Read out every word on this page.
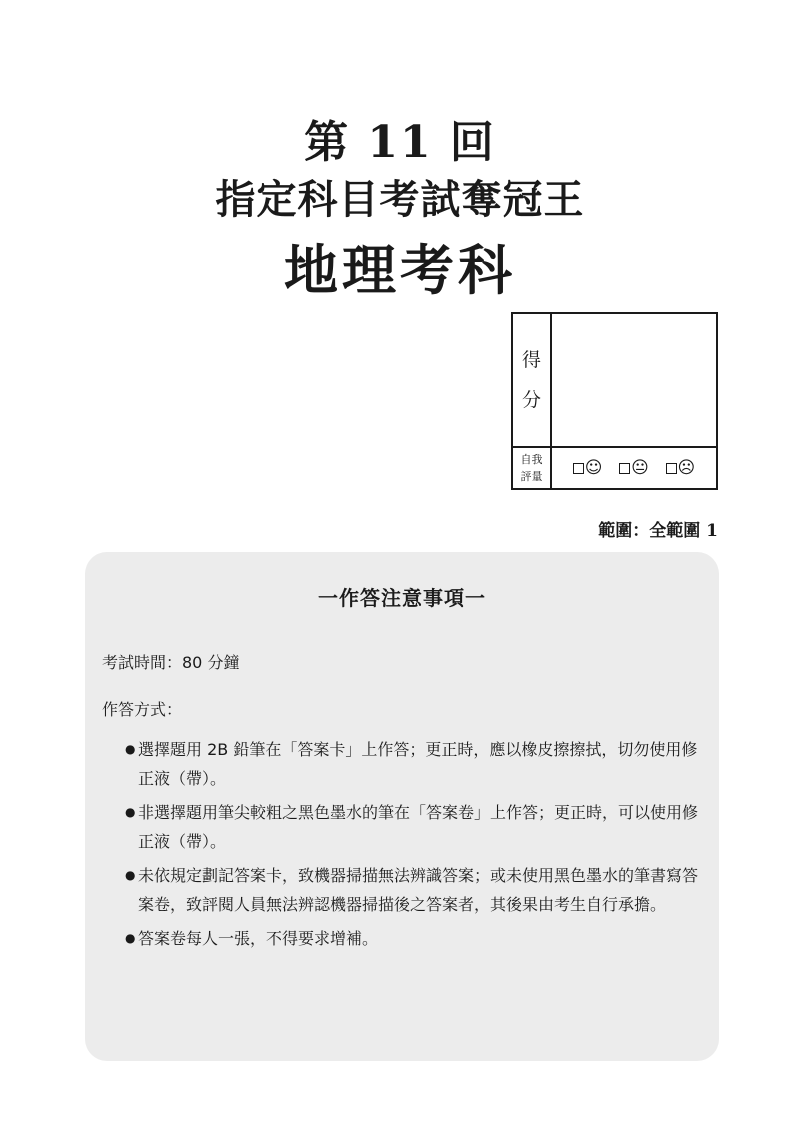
第 11 回
指定科目考試奪冠王
地理考科
得
分
自我
評量 ☺ 😐 ☹
範圍：全範圍 1
一作答注意事項一
考試時間：80 分鐘
作答方式：
● 選擇題用 2B 鉛筆在「答案卡」上作答；更正時，應以橡皮擦擦拭，切勿使用修正液（帶）。
● 非選擇題用筆尖較粗之黑色墨水的筆在「答案卷」上作答；更正時，可以使用修正液（帶）。
● 未依規定劃記答案卡，致機器掃描無法辨識答案；或未使用黑色墨水的筆書寫答案卷，致評閱人員無法辨認機器掃描後之答案者，其後果由考生自行承擔。
● 答案卷每人一張，不得要求增補。
